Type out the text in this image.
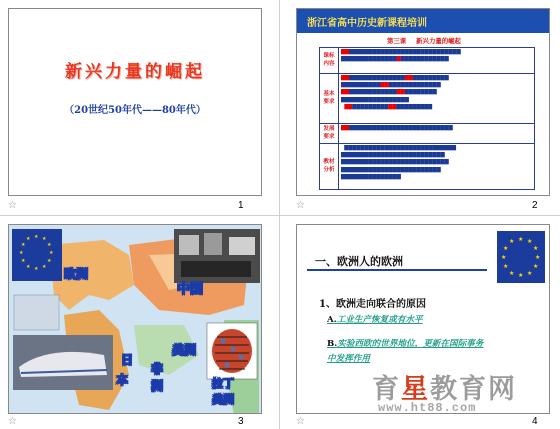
新兴力量的崛起
（20世纪50年代——80年代）
☆	1
浙江省高中历史新课程培训
第三课 新兴力量的崛起
课标内容	▇▇▇▇▇▇▇▇▇▇▇▇▇▇▇▇▇▇▇▇▇▇▇▇▇▇▇▇▇▇
▇▇▇▇▇▇▇▇▇▇▇▇▇▇▇▇▇▇▇▇▇▇▇▇▇▇▇

基本要求	▇▇▇▇▇▇▇▇▇▇▇▇▇▇▇▇▇▇▇▇▇▇▇▇▇▇▇
▇▇▇▇▇▇▇▇▇▇▇▇▇▇▇▇▇▇▇▇▇▇▇▇▇
▇▇▇▇▇▇▇▇▇▇▇▇▇▇▇▇▇▇▇▇▇▇▇▇
▇▇▇▇▇▇▇▇▇▇▇▇▇▇▇▇▇
▇▇▇▇▇▇▇▇▇▇▇▇▇▇▇▇▇▇▇▇▇▇

发展要求	▇▇▇▇▇▇▇▇▇▇▇▇▇▇▇▇▇▇▇▇▇▇▇▇▇▇▇▇

教材分析	▇▇▇▇▇▇▇▇▇▇▇▇▇▇▇▇▇▇▇▇▇▇▇▇▇▇▇▇
▇▇▇▇▇▇▇▇▇▇▇▇▇▇▇▇▇▇▇▇▇▇▇▇▇▇
▇▇▇▇▇▇▇▇▇▇▇▇▇▇▇▇▇▇▇▇▇▇▇▇▇▇▇
▇▇▇▇▇▇▇▇▇▇▇▇▇▇▇▇▇▇▇▇▇▇▇▇▇
▇▇▇▇▇▇▇▇▇▇▇▇▇▇▇
☆	2
★ ★
★
★
★
★
★
★
★
★
★
★
欧洲
中国
日
本
美洲
非
洲	拉丁
美洲
☆	3
一、欧洲人的欧洲
★ ★
★
★
★
★
★
★
★
★
★
★
1、欧洲走向联合的原因
A.工业生产恢复或有水平
B.实验西欧的世界地位，更新在国际事务中发挥作用
☆	4
育星教育网
www.ht88.com
